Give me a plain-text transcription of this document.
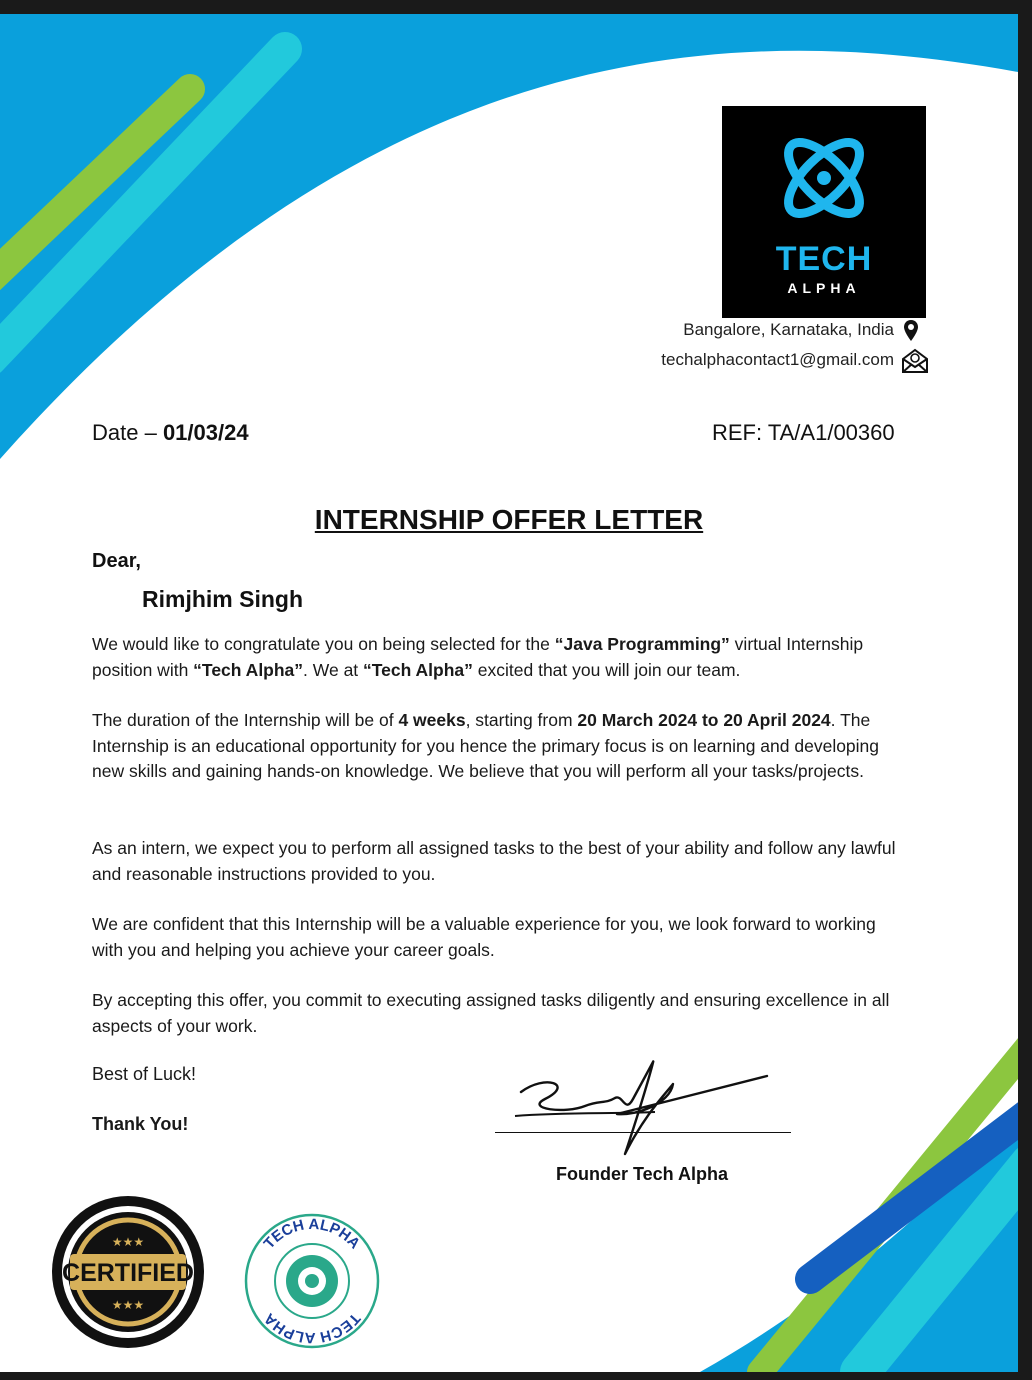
TECH
ALPHA
Bangalore, Karnataka, India
techalphacontact1@gmail.com
Date – 01/03/24	REF: TA/A1/00360
INTERNSHIP OFFER LETTER
Dear,
Rimjhim Singh
We would like to congratulate you on being selected for the “Java Programming” virtual Internship position with “Tech Alpha”. We at “Tech Alpha” excited that you will join our team.
The duration of the Internship will be of 4 weeks, starting from 20 March 2024 to 20 April 2024. The Internship is an educational opportunity for you hence the primary focus is on learning and developing new skills and gaining hands-on knowledge. We believe that you will perform all your tasks/projects.
As an intern, we expect you to perform all assigned tasks to the best of your ability and follow any lawful and reasonable instructions provided to you.
We are confident that this Internship will be a valuable experience for you, we look forward to working with you and helping you achieve your career goals.
By accepting this offer, you commit to executing assigned tasks diligently and ensuring excellence in all aspects of your work.
Best of Luck!
Thank You!
Founder Tech Alpha
CERTIFIED
★★★
★★★
TECH ALPHA
TECH ALPHA
